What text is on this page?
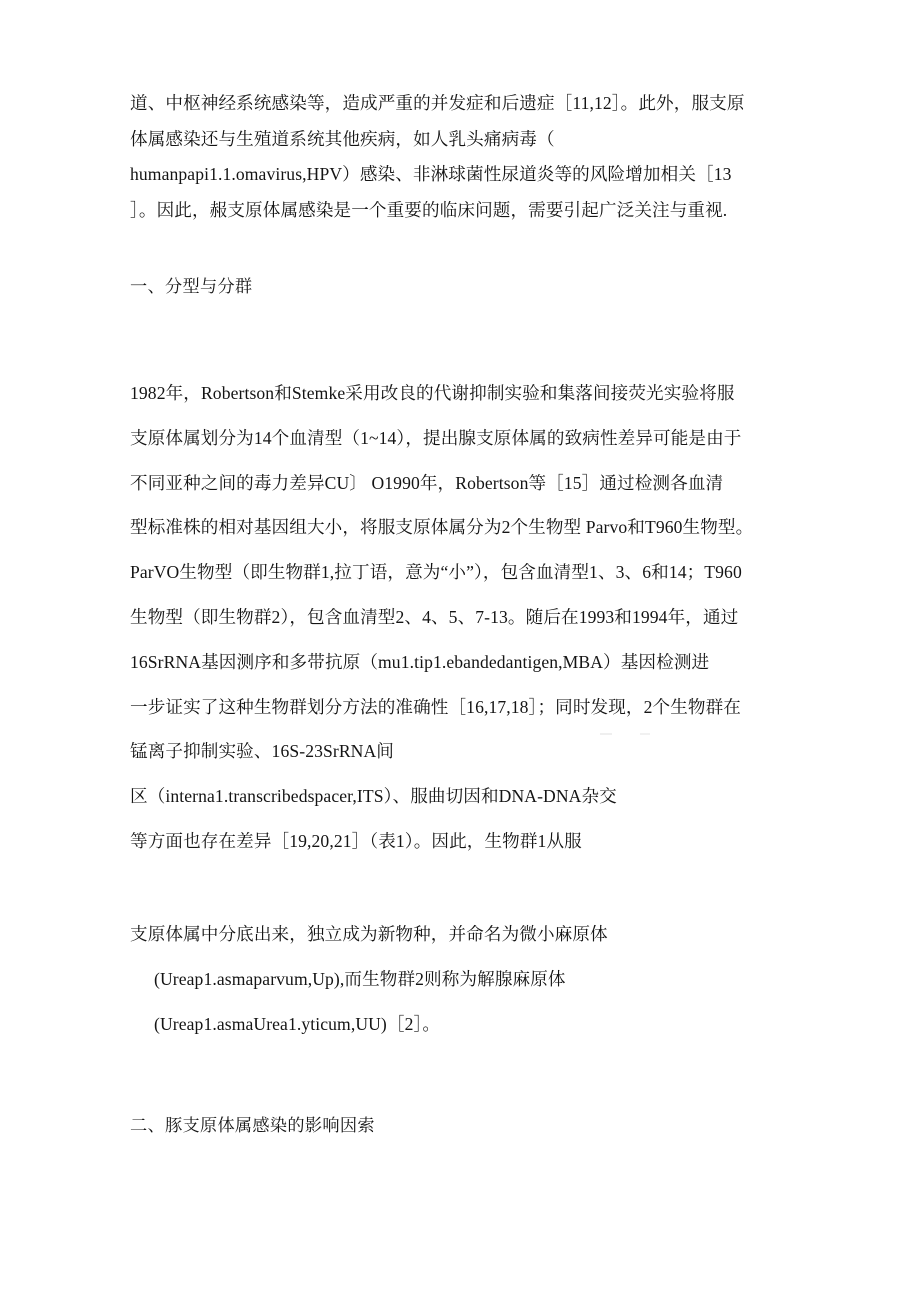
道、中枢神经系统感染等，造成严重的并发症和后遗症［11,12］。此外，服支原
体属感染还与生殖道系统其他疾病，如人乳头痛病毒（
humanpapi1.1.omavirus,HPV）感染、非淋球菌性尿道炎等的风险增加相关［13
］。因此，赧支原体属感染是一个重要的临床问题，需要引起广泛关注与重视.
一、分型与分群
1982年，Robertson和Stemke采用改良的代谢抑制实验和集落间接荧光实验将服
支原体属划分为14个血清型（1~14），提出腺支原体属的致病性差异可能是由于
不同亚种之间的毒力差异CU〕 O1990年，Robertson等［15］通过检测各血清
型标准株的相对基因组大小，将服支原体属分为2个生物型 Parvo和T960生物型。
ParVO生物型（即生物群1,拉丁语，意为“小”），包含血清型1、3、6和14；T960
生物型（即生物群2），包含血清型2、4、5、7-13。随后在1993和1994年，通过
16SrRNA基因测序和多带抗原（mu1.tip1.ebandedantigen,MBA）基因检测进
一步证实了这种生物群划分方法的准确性［16,17,18］；同时发现，2个生物群在
锰离子抑制实验、16S-23SrRNA间
区（interna1.transcribedspacer,ITS）、服曲切因和DNA-DNA杂交
等方面也存在差异［19,20,21］（表1）。因此，生物群1从服
支原体属中分底出来，独立成为新物种，并命名为微小麻原体
(Ureap1.asmaparvum,Up),而生物群2则称为解腺麻原体
(Ureap1.asmaUrea1.yticum,UU)［2］。
二、豚支原体属感染的影响因索
